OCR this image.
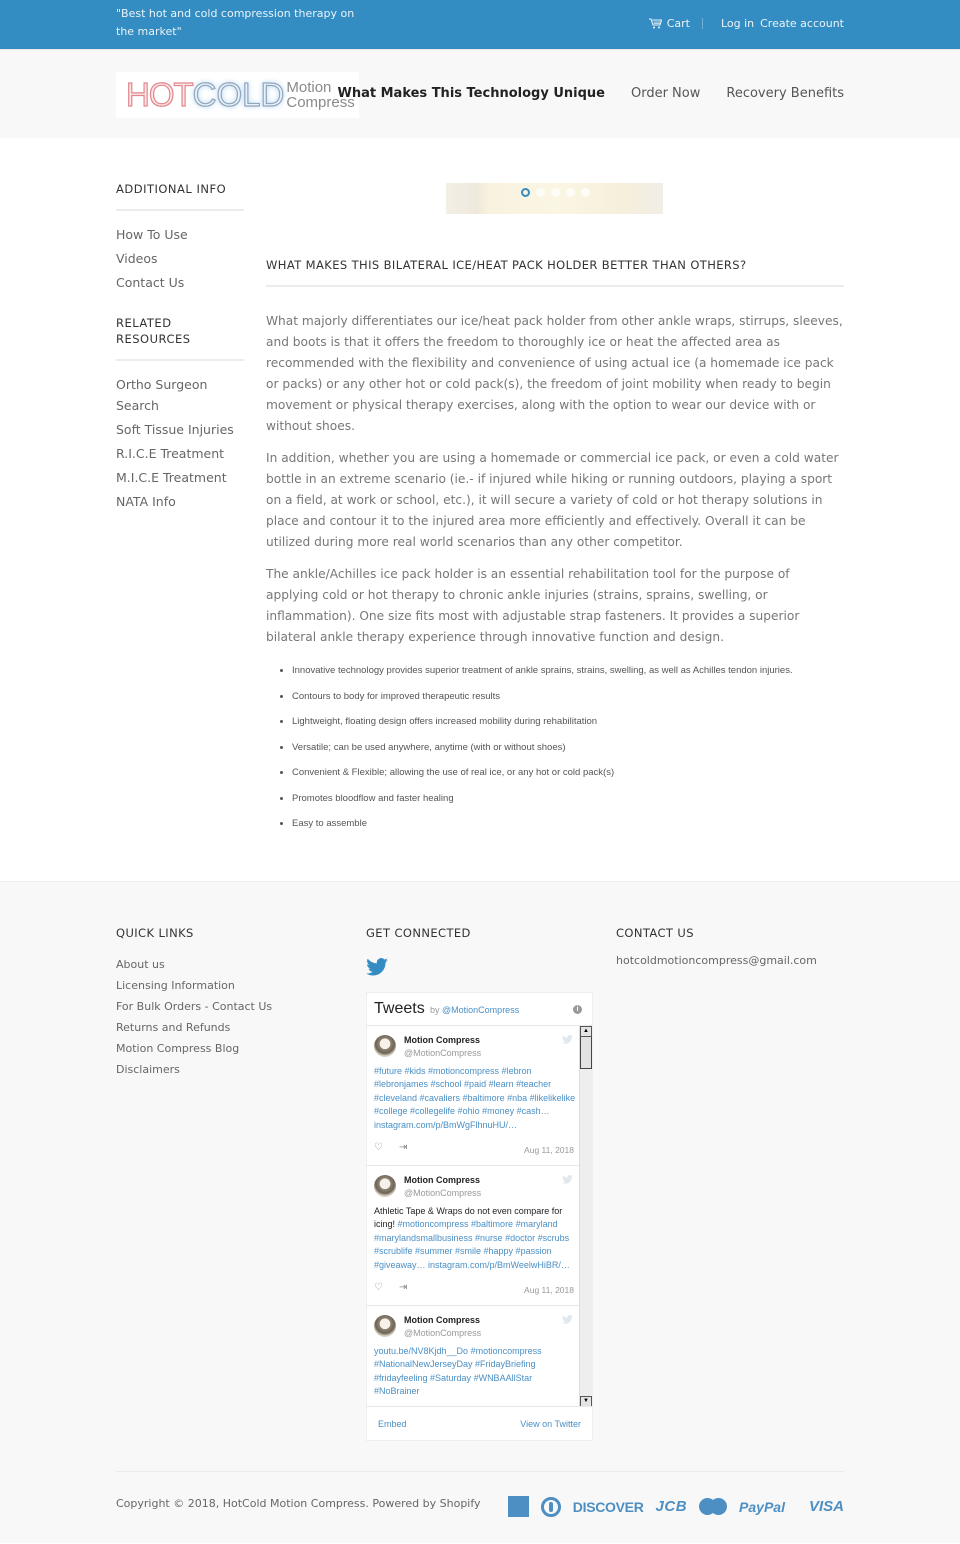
"Best hot and cold compression therapy on the market"
Cart	Log in Create account
HOT COLD Motion
Compress
What Makes This Technology Unique Order Now Recovery Benefits
ADDITIONAL INFO
How To Use
Videos
Contact Us
RELATED RESOURCES
Ortho Surgeon Search
Soft Tissue Injuries
R.I.C.E Treatment
M.I.C.E Treatment
NATA Info
WHAT MAKES THIS BILATERAL ICE/HEAT PACK HOLDER BETTER THAN OTHERS?

What majorly differentiates our ice/heat pack holder from other ankle wraps, stirrups, sleeves, and boots is that it offers the freedom to thoroughly ice or heat the affected area as recommended with the flexibility and convenience of using actual ice (a homemade ice pack or packs) or any other hot or cold pack(s), the freedom of joint mobility when ready to begin movement or physical therapy exercises, along with the option to wear our device with or without shoes.

In addition, whether you are using a homemade or commercial ice pack, or even a cold water bottle in an extreme scenario (ie.- if injured while hiking or running outdoors, playing a sport on a field, at work or school, etc.), it will secure a variety of cold or hot therapy solutions in place and contour it to the injured area more efficiently and effectively. Overall it can be utilized during more real world scenarios than any other competitor.

The ankle/Achilles ice pack holder is an essential rehabilitation tool for the purpose of applying cold or hot therapy to chronic ankle injuries (strains, sprains, swelling, or inflammation). One size fits most with adjustable strap fasteners. It provides a superior bilateral ankle therapy experience through innovative function and design.

• Innovative technology provides superior treatment of ankle sprains, strains, swelling, as well as Achilles tendon injuries.
• Contours to body for improved therapeutic results
• Lightweight, floating design offers increased mobility during rehabilitation
• Versatile; can be used anywhere, anytime (with or without shoes)
• Convenient & Flexible; allowing the use of real ice, or any hot or cold pack(s)
• Promotes bloodflow and faster healing
• Easy to assemble
QUICK LINKS
About us
Licensing Information
For Bulk Orders - Contact Us
Returns and Refunds
Motion Compress Blog
Disclaimers
GET CONNECTED
Tweets by @MotionCompress	i
Motion Compress
@MotionCompress
#future #kids #motioncompress #lebron #lebronjames #school #paid #learn #teacher #cleveland #cavaliers #baltimore #nba #likelikelike #college #collegelife #ohio #money #cash… instagram.com/p/BmWgFlhnuHU/…
♡ ⇥	Aug 11, 2018
Motion Compress
@MotionCompress
Athletic Tape & Wraps do not even compare for icing! #motioncompress #baltimore #maryland #marylandsmallbusiness #nurse #doctor #scrubs #scrublife #summer #smile #happy #passion #giveaway… instagram.com/p/BmWeelwHiBR/…
♡ ⇥	Aug 11, 2018
Motion Compress
@MotionCompress
youtu.be/NV8Kjdh__Do #motioncompress #NationalNewJerseyDay #FridayBriefing #fridayfeeling #Saturday #WNBAAllStar #NoBrainer
▲
▼
Embed	View on Twitter
CONTACT US
hotcoldmotioncompress@gmail.com
Copyright © 2018, HotCold Motion Compress. Powered by Shopify	DISCOVER JCB	PayPal VISA
